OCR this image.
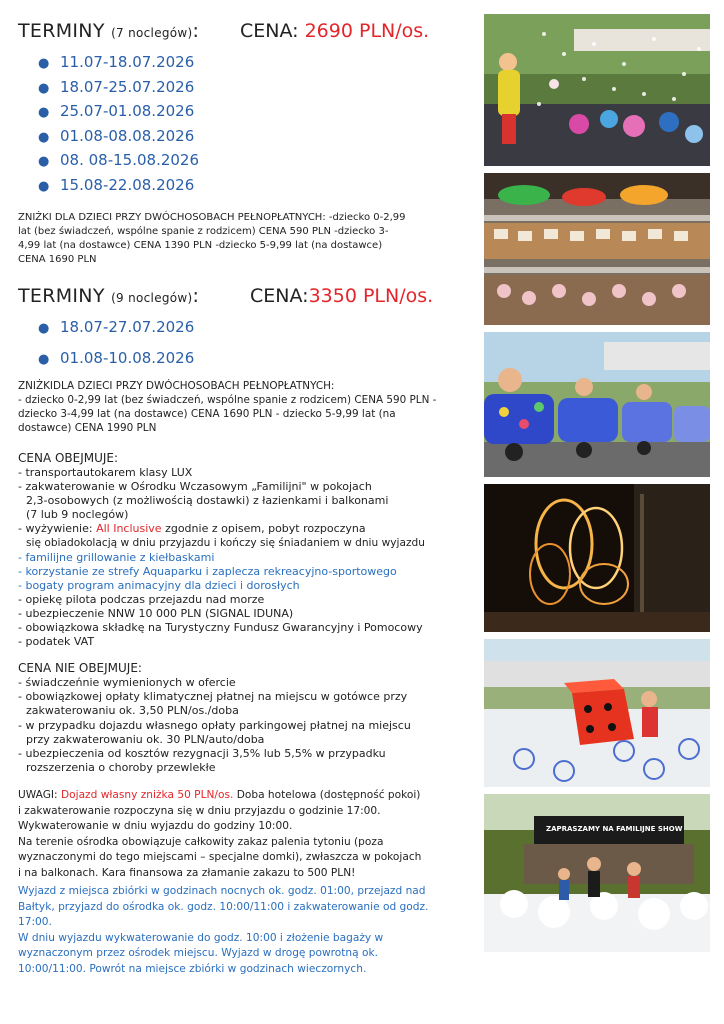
TERMINY (7 noclegów): CENA: 2690 PLN/os.
● 11.07-18.07.2026
● 18.07-25.07.2026
● 25.07-01.08.2026
● 01.08-08.08.2026
● 08. 08-15.08.2026
● 15.08-22.08.2026
ZNIŻKI DLA DZIECI PRZY DWÓCHOSOBACH PEŁNOPŁATNYCH: -dziecko 0-2,99
lat (bez świadczeń, wspólne spanie z rodzicem) CENA 590 PLN -dziecko 3-
4,99 lat (na dostawce) CENA 1390 PLN -dziecko 5-9,99 lat (na dostawce)
CENA 1690 PLN
TERMINY (9 noclegów):	CENA:3350 PLN/os.
● 18.07-27.07.2026
● 01.08-10.08.2026
ZNIŻKIDLA DZIECI PRZY DWÓCHOSOBACH PEŁNOPŁATNYCH:
- dziecko 0-2,99 lat (bez świadczeń, wspólne spanie z rodzicem) CENA 590 PLN -
dziecko 3-4,99 lat (na dostawce) CENA 1690 PLN - dziecko 5-9,99 lat (na
dostawce) CENA 1990 PLN
CENA OBEJMUJE:
- transportautokarem klasy LUX
- zakwaterowanie w Ośrodku Wczasowym „Familijni" w pokojach
2,3-osobowych (z możliwością dostawki) z łazienkami i balkonami
(7 lub 9 noclegów)
- wyżywienie: All Inclusive zgodnie z opisem, pobyt rozpoczyna
się obiadokolacją w dniu przyjazdu i kończy się śniadaniem w dniu wyjazdu
- familijne grillowanie z kiełbaskami
- korzystanie ze strefy Aquaparku i zaplecza rekreacyjno-sportowego
- bogaty program animacyjny dla dzieci i dorosłych
- opiekę pilota podczas przejazdu nad morze
- ubezpieczenie NNW 10 000 PLN (SIGNAL IDUNA)
- obowiązkowa składkę na Turystyczny Fundusz Gwarancyjny i Pomocowy
- podatek VAT
CENA NIE OBEJMUJE:
- świadczeńnie wymienionych w ofercie
- obowiązkowej opłaty klimatycznej płatnej na miejscu w gotówce przy
zakwaterowaniu ok. 3,50 PLN/os./doba
- w przypadku dojazdu własnego opłaty parkingowej płatnej na miejscu
przy zakwaterowaniu ok. 30 PLN/auto/doba
- ubezpieczenia od kosztów rezygnacji 3,5% lub 5,5% w przypadku
rozszerzenia o choroby przewlekłe
UWAGI: Dojazd własny zniżka 50 PLN/os. Doba hotelowa (dostępność pokoi)
i zakwaterowanie rozpoczyna się w dniu przyjazdu o godzinie 17:00.
Wykwaterowanie w dniu wyjazdu do godziny 10:00.
Na terenie ośrodka obowiązuje całkowity zakaz palenia tytoniu (poza
wyznaczonymi do tego miejscami – specjalne domki), zwłaszcza w pokojach
i na balkonach. Kara finansowa za złamanie zakazu to 500 PLN!
Wyjazd z miejsca zbiórki w godzinach nocnych ok. godz. 01:00, przejazd nad
Bałtyk, przyjazd do ośrodka ok. godz. 10:00/11:00 i zakwaterowanie od godz.
17:00.
W dniu wyjazdu wykwaterowanie do godz. 10:00 i złożenie bagaży w
wyznaczonym przez ośrodek miejscu. Wyjazd w drogę powrotną ok.
10:00/11:00. Powrót na miejsce zbiórki w godzinach wieczornych.
ZAPRASZAMY NA FAMILIJNE SHOW
